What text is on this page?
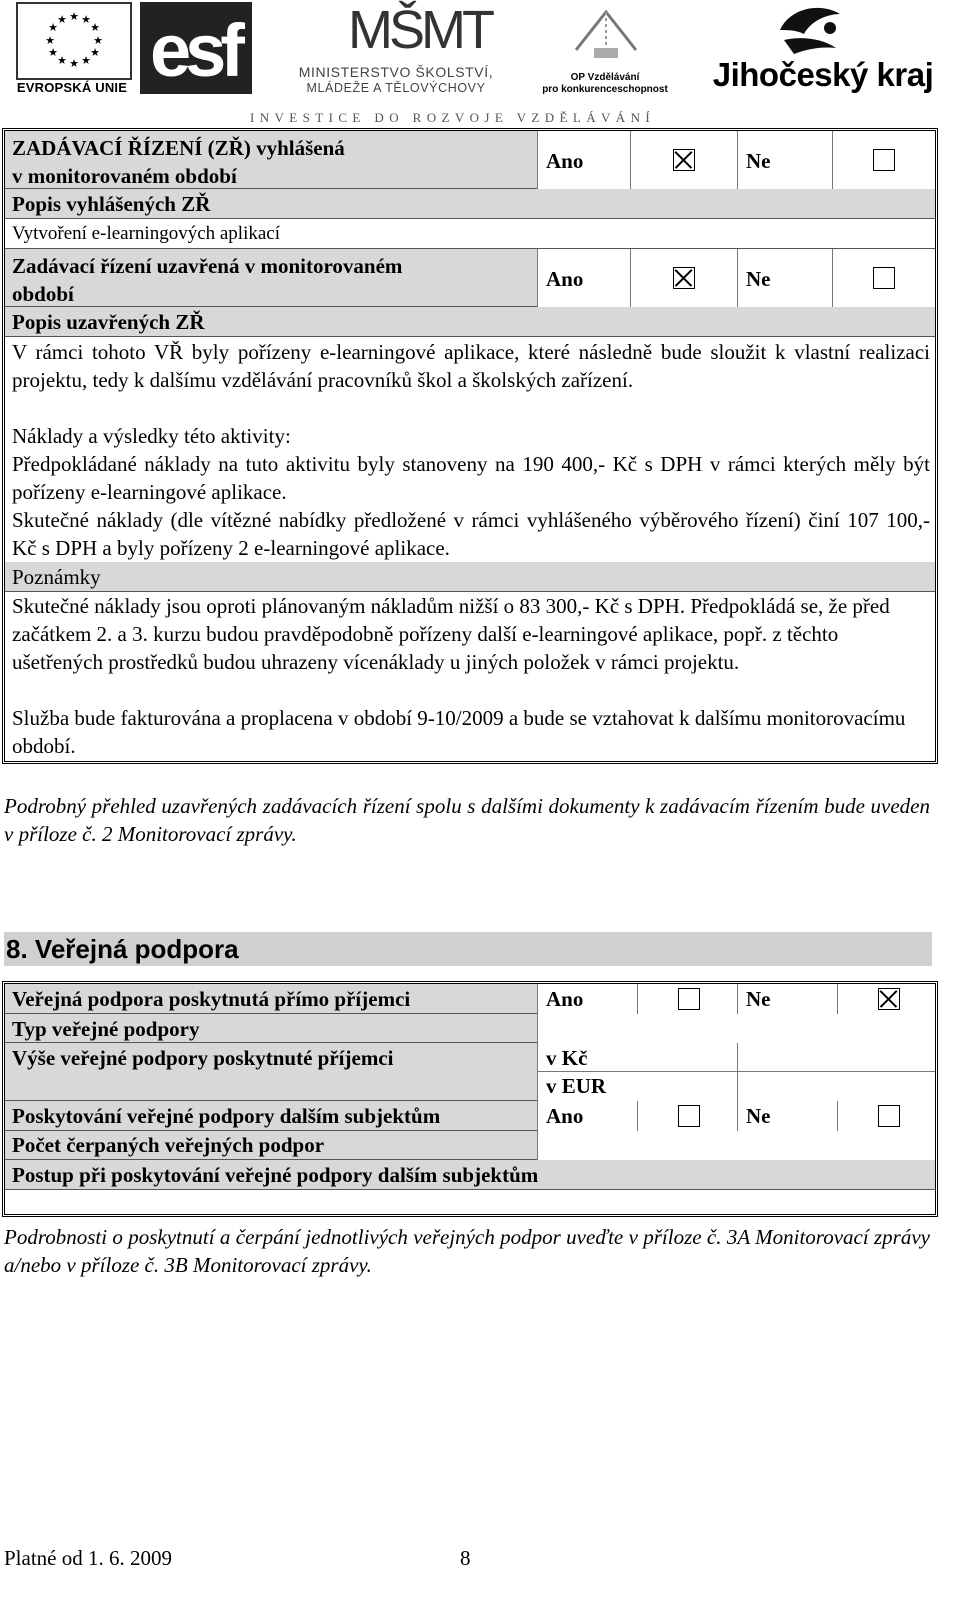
★ ★
★
★
★
★
★
★
★
★
★
★
EVROPSKÁ UNIE esf MŠMT
MINISTERSTVO ŠKOLSTVÍ,
MLÁDEŽE A TĚLOVÝCHOVY
OP Vzdělávání
pro konkurenceschopnost Jihočeský kraj
INVESTICE DO ROZVOJE VZDĚLÁVÁNÍ
ZADÁVACÍ ŘÍZENÍ (ZŘ) vyhlášená
v monitorovaném období
Ano	Ne
Popis vyhlášených ZŘ
Vytvoření e-learningových aplikací
Zadávací řízení uzavřená v monitorovaném
období
Ano	Ne
Popis uzavřených ZŘ
V rámci tohoto VŘ byly pořízeny e-learningové aplikace, které následně bude sloužit k vlastní realizaci projektu, tedy k dalšímu vzdělávání pracovníků škol a školských zařízení.
Náklady a výsledky této aktivity:
Předpokládané náklady na tuto aktivitu byly stanoveny na 190 400,- Kč s DPH v rámci kterých měly být pořízeny e-learningové aplikace.
Skutečné náklady (dle vítězné nabídky předložené v rámci vyhlášeného výběrového řízení) činí 107 100,- Kč s DPH a byly pořízeny 2 e-learningové aplikace.
Poznámky
Skutečné náklady jsou oproti plánovaným nákladům nižší o 83 300,- Kč s DPH. Předpokládá se, že před začátkem 2. a 3. kurzu budou pravděpodobně pořízeny další e-learningové aplikace, popř. z těchto ušetřených prostředků budou uhrazeny vícenáklady u jiných položek v rámci projektu.
Služba bude fakturována a proplacena v období 9-10/2009 a bude se vztahovat k dalšímu monitorovacímu období.
Podrobný přehled uzavřených zadávacích řízení spolu s dalšími dokumenty k zadávacím řízením bude uveden v příloze č. 2 Monitorovací zprávy.
8. Veřejná podpora
Veřejná podpora poskytnutá přímo příjemci	Ano	Ne
Typ veřejné podpory
Výše veřejné podpory poskytnuté příjemci	v Kč
v EUR
Poskytování veřejné podpory dalším subjektům	Ano	Ne
Počet čerpaných veřejných podpor
Postup při poskytování veřejné podpory dalším subjektům
Podrobnosti o poskytnutí a čerpání jednotlivých veřejných podpor uveďte v příloze č. 3A Monitorovací zprávy a/nebo v příloze č. 3B Monitorovací zprávy.
Platné od 1. 6. 2009	8
